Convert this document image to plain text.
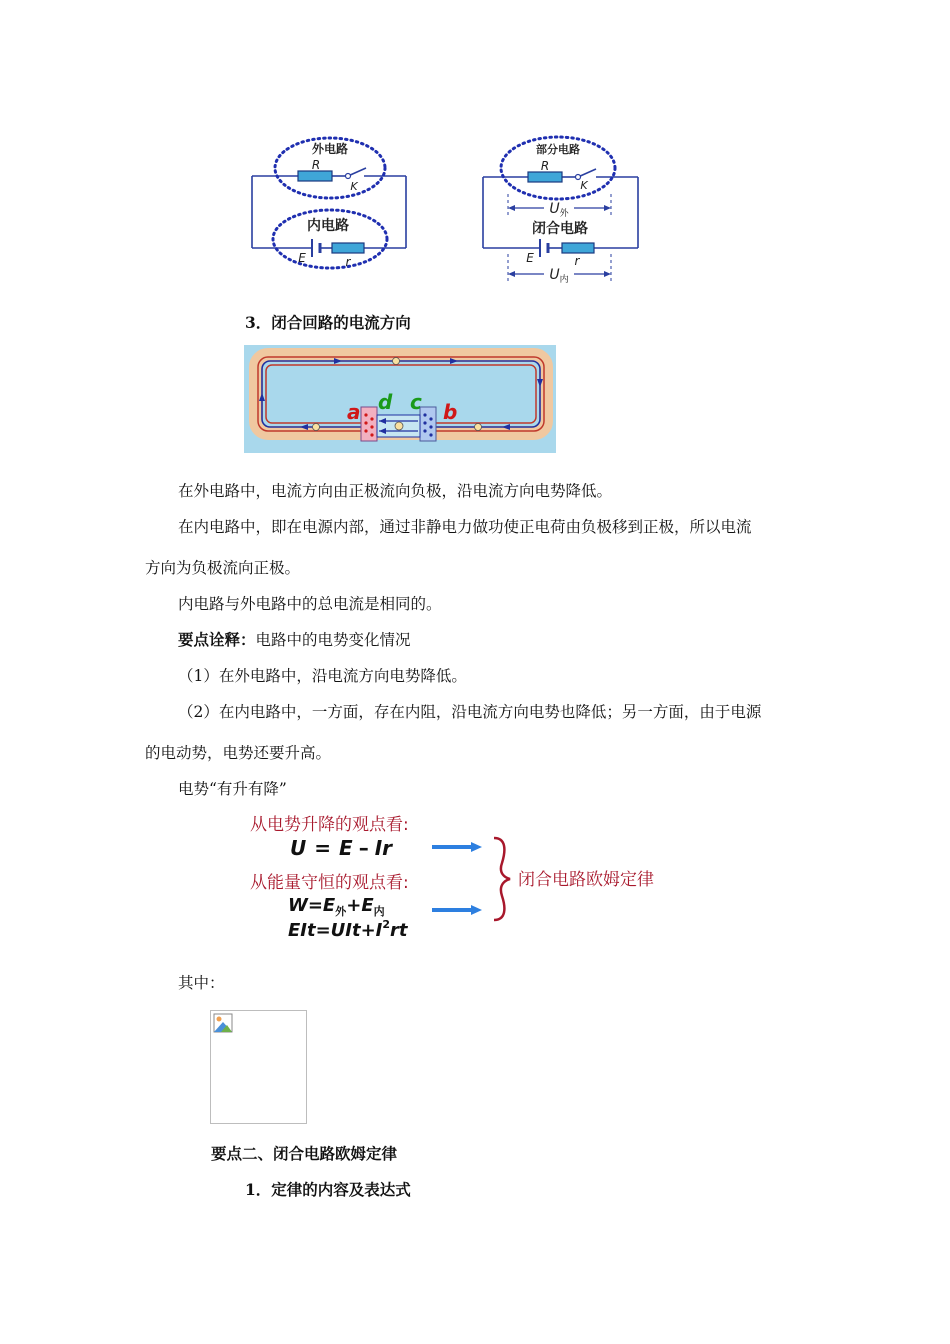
外电路
R
K
内电路
E	r
部分电路
R
K
$U_外$
闭合电路
E	r
$U_内$
3．闭合回路的电流方向
a	b
d c
在外电路中，电流方向由正极流向负极，沿电流方向电势降低。
在内电路中，即在电源内部，通过非静电力做功使正电荷由负极移到正极，所以电流
方向为负极流向正极。
内电路与外电路中的总电流是相同的。
要点诠释：电路中的电势变化情况
（1）在外电路中，沿电流方向电势降低。
（2）在内电路中，一方面，存在内阻，沿电流方向电势也降低；另一方面，由于电源
的电动势，电势还要升高。
电势“有升有降”
从电势升降的观点看:
U = E – Ir
从能量守恒的观点看:
$W=E_外+E_内$
$EIt=UIt+I^2rt$
闭合电路欧姆定律
其中：
要点二、闭合电路欧姆定律
1．定律的内容及表达式
